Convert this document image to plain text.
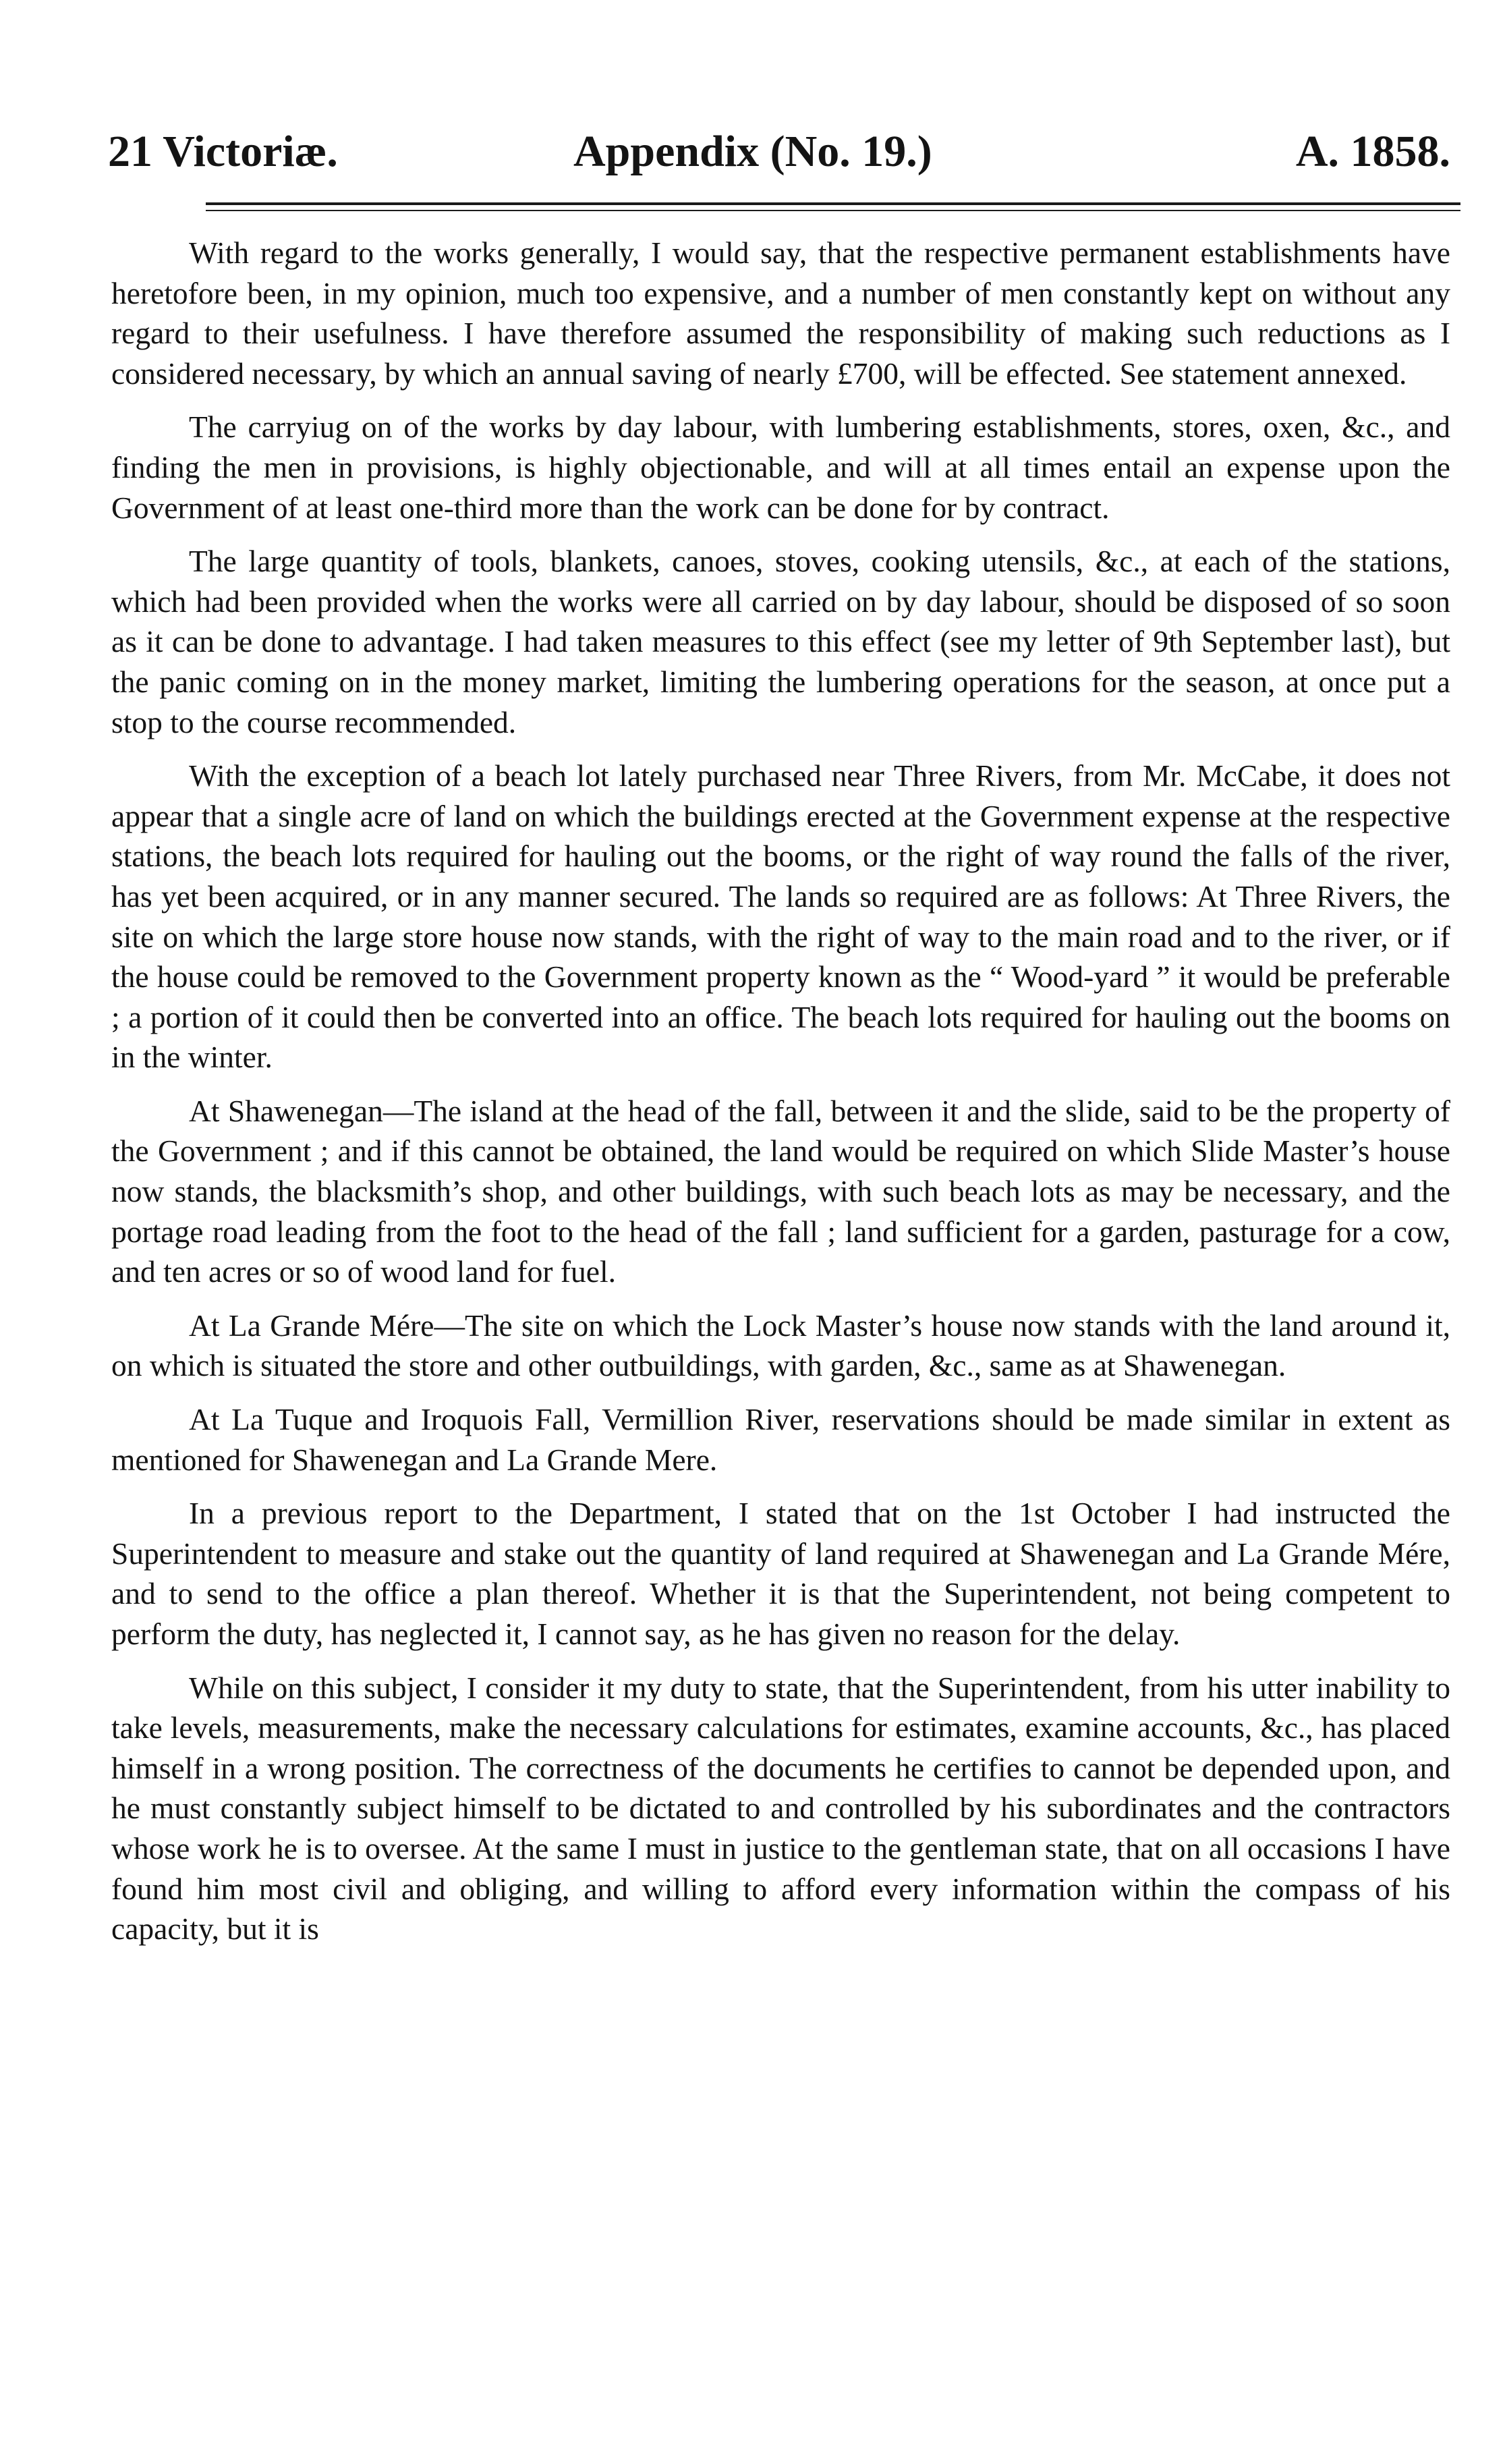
21 Victoriæ.	Appendix (No. 19.)	A. 1858.

With regard to the works generally, I would say, that the respective permanent establishments have heretofore been, in my opinion, much too expensive, and a number of men constantly kept on without any regard to their usefulness. I have therefore assumed the responsibility of making such reductions as I considered necessary, by which an annual saving of nearly £700, will be effected. See statement annexed.

The carryiug on of the works by day labour, with lumbering establishments, stores, oxen, &c., and finding the men in provisions, is highly objectionable, and will at all times entail an expense upon the Government of at least one-third more than the work can be done for by contract.

The large quantity of tools, blankets, canoes, stoves, cooking utensils, &c., at each of the stations, which had been provided when the works were all carried on by day labour, should be disposed of so soon as it can be done to advantage. I had taken measures to this effect (see my letter of 9th September last), but the panic coming on in the money market, limiting the lumbering operations for the season, at once put a stop to the course recommended.

With the exception of a beach lot lately purchased near Three Rivers, from Mr. McCabe, it does not appear that a single acre of land on which the buildings erected at the Government expense at the respective stations, the beach lots required for hauling out the booms, or the right of way round the falls of the river, has yet been acquired, or in any manner secured. The lands so required are as follows: At Three Rivers, the site on which the large store house now stands, with the right of way to the main road and to the river, or if the house could be removed to the Government property known as the “ Wood-yard ” it would be preferable ; a portion of it could then be converted into an office. The beach lots required for hauling out the booms on in the winter.

At Shawenegan—The island at the head of the fall, between it and the slide, said to be the property of the Government ; and if this cannot be obtained, the land would be required on which Slide Master’s house now stands, the blacksmith’s shop, and other buildings, with such beach lots as may be necessary, and the portage road leading from the foot to the head of the fall ; land sufficient for a garden, pasturage for a cow, and ten acres or so of wood land for fuel.

At La Grande Mére—The site on which the Lock Master’s house now stands with the land around it, on which is situated the store and other outbuildings, with garden, &c., same as at Shawenegan.

At La Tuque and Iroquois Fall, Vermillion River, reservations should be made similar in extent as mentioned for Shawenegan and La Grande Mere.

In a previous report to the Department, I stated that on the 1st October I had instructed the Superintendent to measure and stake out the quantity of land required at Shawenegan and La Grande Mére, and to send to the office a plan thereof. Whether it is that the Superintendent, not being competent to perform the duty, has neglected it, I cannot say, as he has given no reason for the delay.

While on this subject, I consider it my duty to state, that the Superintendent, from his utter inability to take levels, measurements, make the necessary calculations for estimates, examine accounts, &c., has placed himself in a wrong position. The correctness of the documents he certifies to cannot be depended upon, and he must constantly subject himself to be dictated to and controlled by his subordinates and the contractors whose work he is to oversee. At the same I must in justice to the gentleman state, that on all occasions I have found him most civil and obliging, and willing to afford every information within the compass of his capacity, but it is
